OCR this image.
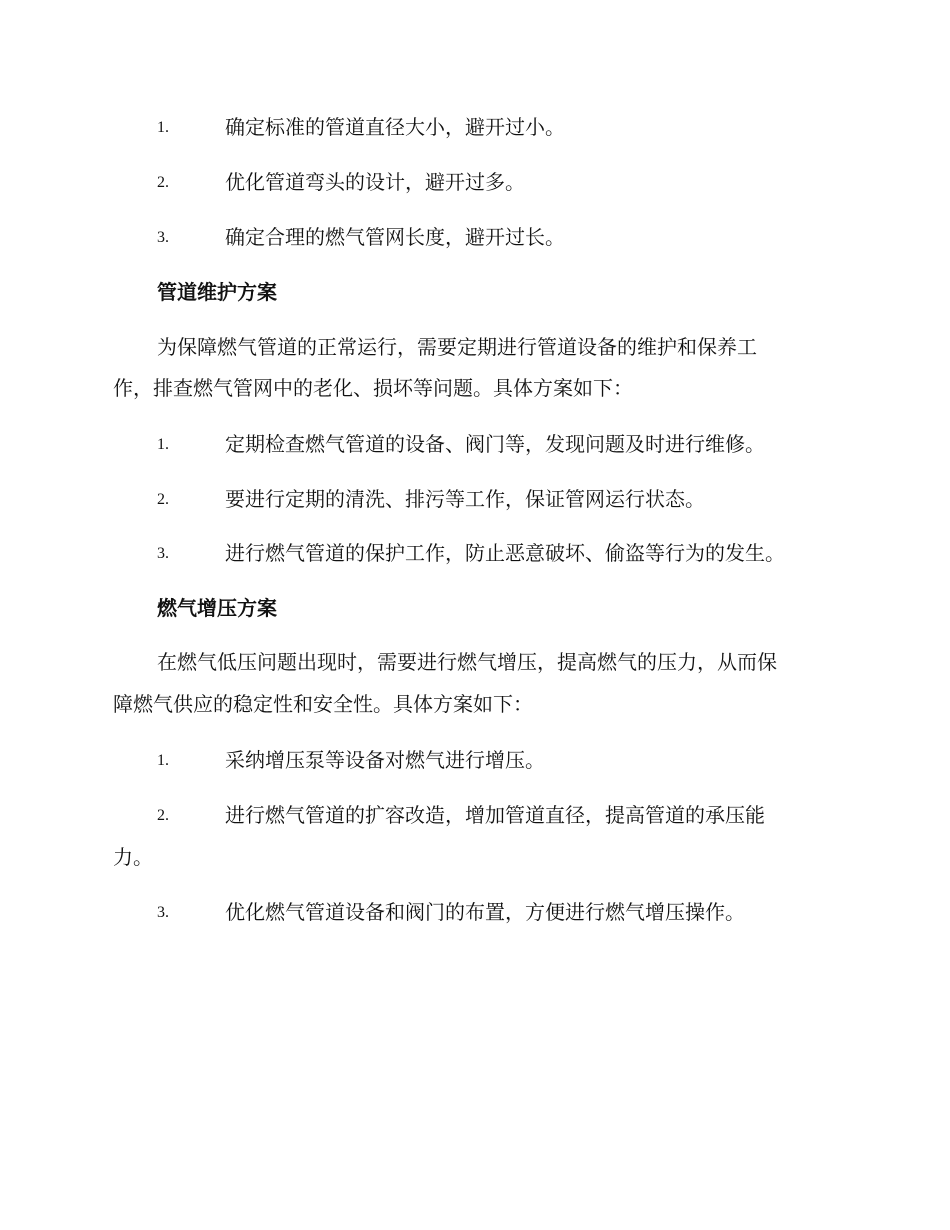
1.	确定标准的管道直径大小，避开过小。
2.	优化管道弯头的设计，避开过多。
3.	确定合理的燃气管网长度，避开过长。
管道维护方案
为保障燃气管道的正常运行，需要定期进行管道设备的维护和保养工
作，排查燃气管网中的老化、损坏等问题。具体方案如下：
1.	定期检查燃气管道的设备、阀门等，发现问题及时进行维修。
2.	要进行定期的清洗、排污等工作，保证管网运行状态。
3.	进行燃气管道的保护工作，防止恶意破坏、偷盗等行为的发生。
燃气增压方案
在燃气低压问题出现时，需要进行燃气增压，提高燃气的压力，从而保
障燃气供应的稳定性和安全性。具体方案如下：
1.	采纳增压泵等设备对燃气进行增压。
2.	进行燃气管道的扩容改造，增加管道直径，提高管道的承压能
力。
3.	优化燃气管道设备和阀门的布置，方便进行燃气增压操作。
